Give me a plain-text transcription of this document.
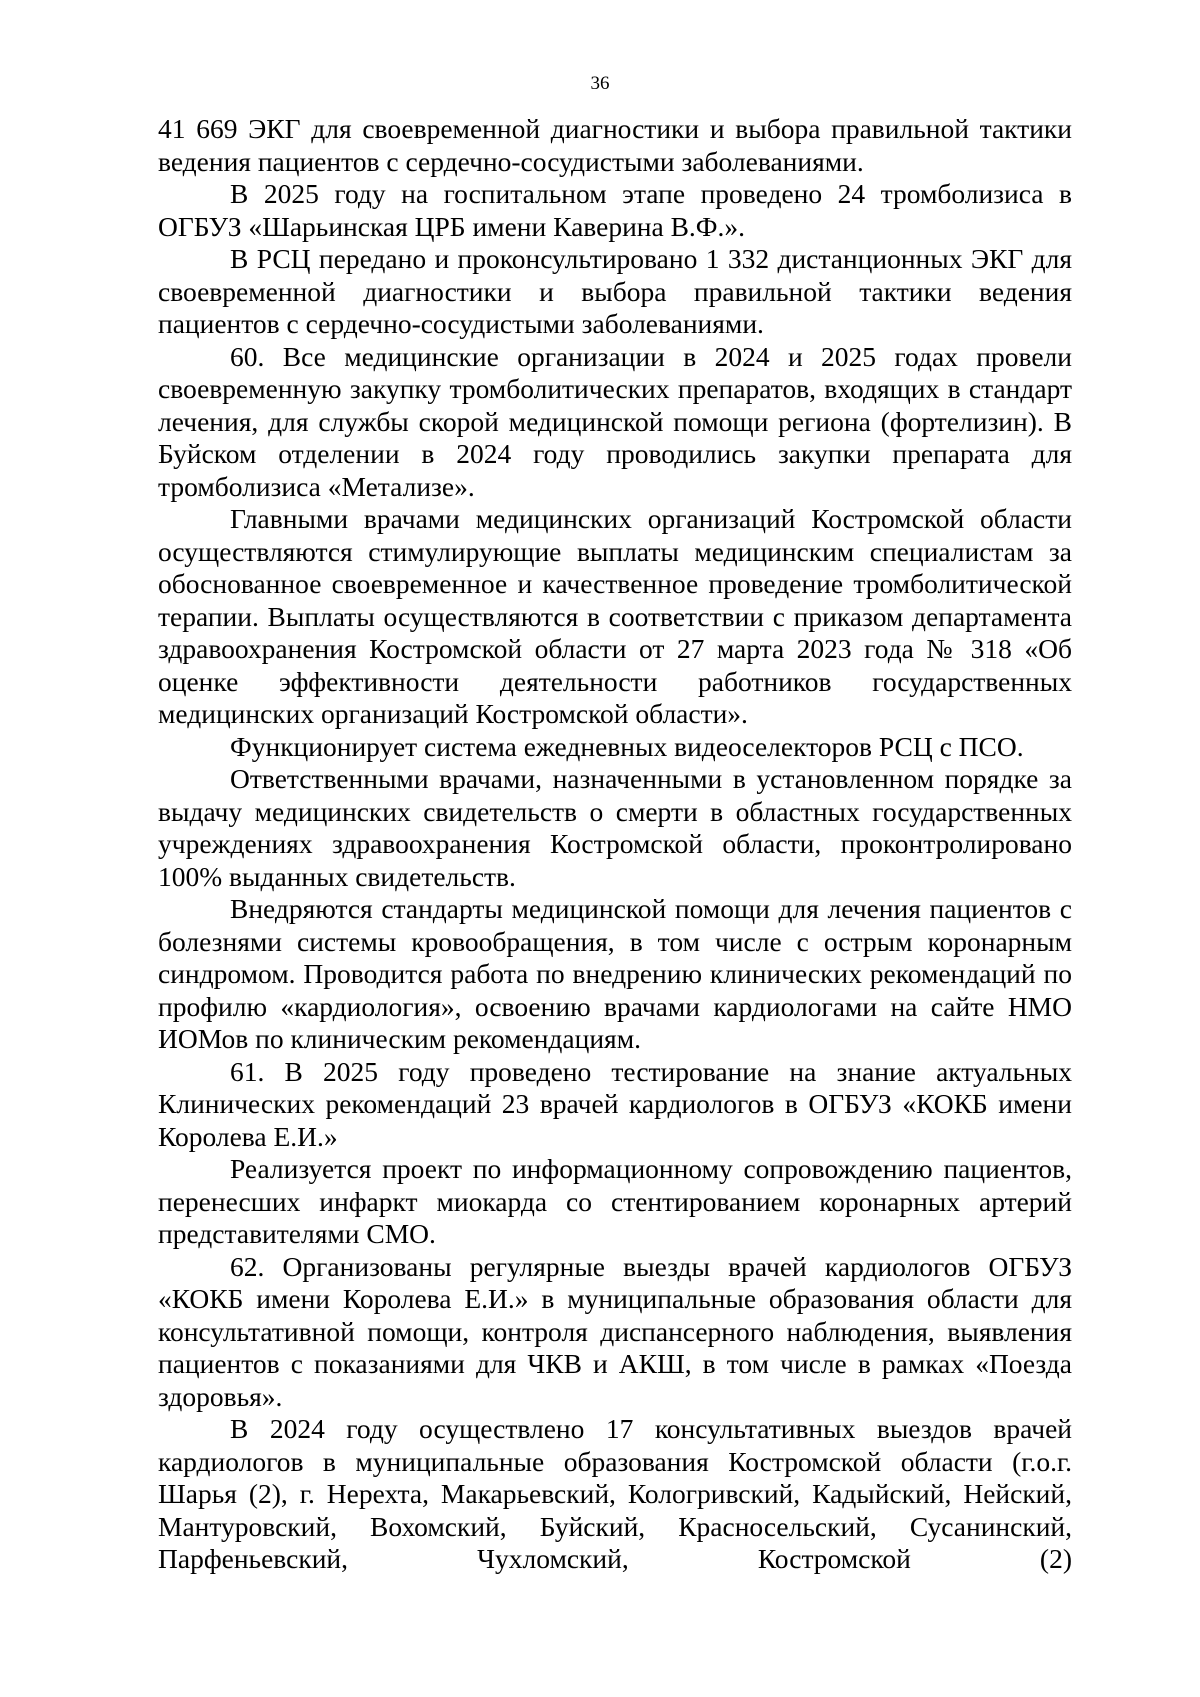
36

41 669 ЭКГ для своевременной диагностики и выбора правильной тактики ведения пациентов с сердечно-сосудистыми заболеваниями.

В 2025 году на госпитальном этапе проведено 24 тромболизиса в ОГБУЗ «Шарьинская ЦРБ имени Каверина В.Ф.».

В РСЦ передано и проконсультировано 1 332 дистанционных ЭКГ для своевременной диагностики и выбора правильной тактики ведения пациентов с сердечно-сосудистыми заболеваниями.

60. Все медицинские организации в 2024 и 2025 годах провели своевременную закупку тромболитических препаратов, входящих в стандарт лечения, для службы скорой медицинской помощи региона (фортелизин). В Буйском отделении в 2024 году проводились закупки препарата для тромболизиса «Метализе».

Главными врачами медицинских организаций Костромской области осуществляются стимулирующие выплаты медицинским специалистам за обоснованное своевременное и качественное проведение тромболитической терапии. Выплаты осуществляются в соответствии с приказом департамента здравоохранения Костромской области от 27 марта 2023 года № 318 «Об оценке эффективности деятельности работников государственных медицинских организаций Костромской области».

Функционирует система ежедневных видеоселекторов РСЦ с ПСО.

Ответственными врачами, назначенными в установленном порядке за выдачу медицинских свидетельств о смерти в областных государственных учреждениях здравоохранения Костромской области, проконтролировано 100% выданных свидетельств.

Внедряются стандарты медицинской помощи для лечения пациентов с болезнями системы кровообращения, в том числе с острым коронарным синдромом. Проводится работа по внедрению клинических рекомендаций по профилю «кардиология», освоению врачами кардиологами на сайте НМО ИОМов по клиническим рекомендациям.

61. В 2025 году проведено тестирование на знание актуальных Клинических рекомендаций 23 врачей кардиологов в ОГБУЗ «КОКБ имени Королева Е.И.»

Реализуется проект по информационному сопровождению пациентов, перенесших инфаркт миокарда со стентированием коронарных артерий представителями СМО.

62. Организованы регулярные выезды врачей кардиологов ОГБУЗ «КОКБ имени Королева Е.И.» в муниципальные образования области для консультативной помощи, контроля диспансерного наблюдения, выявления пациентов с показаниями для ЧКВ и АКШ, в том числе в рамках «Поезда здоровья».

В 2024 году осуществлено 17 консультативных выездов врачей кардиологов в муниципальные образования Костромской области (г.о.г. Шарья (2), г. Нерехта, Макарьевский, Кологривский, Кадыйский, Нейский, Мантуровский, Вохомский, Буйский, Красносельский, Сусанинский, Парфеньевский, Чухломский, Костромской (2)
